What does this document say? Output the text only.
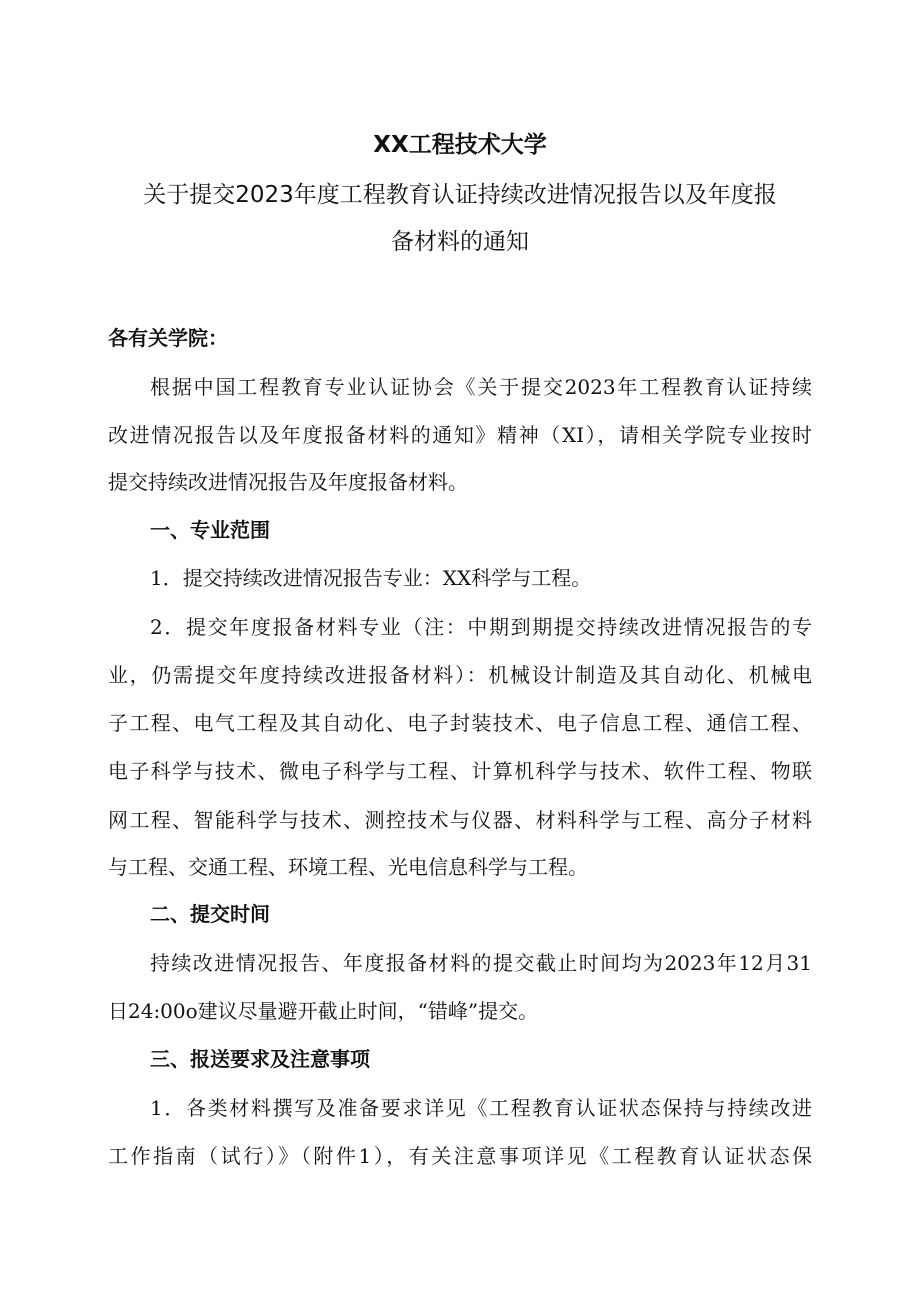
XX工程技术大学
关于提交2023年度工程教育认证持续改进情况报告以及年度报
备材料的通知
各有关学院：
根据中国工程教育专业认证协会《关于提交2023年工程教育认证持续
改进情况报告以及年度报备材料的通知》精神（XI），请相关学院专业按时
提交持续改进情况报告及年度报备材料。
一、专业范围
1．提交持续改进情况报告专业：XX科学与工程。
2．提交年度报备材料专业（注：中期到期提交持续改进情况报告的专
业，仍需提交年度持续改进报备材料）：机械设计制造及其自动化、机械电
子工程、电气工程及其自动化、电子封装技术、电子信息工程、通信工程、
电子科学与技术、微电子科学与工程、计算机科学与技术、软件工程、物联
网工程、智能科学与技术、测控技术与仪器、材料科学与工程、高分子材料
与工程、交通工程、环境工程、光电信息科学与工程。
二、提交时间
持续改进情况报告、年度报备材料的提交截止时间均为2023年12月31
日24:00o建议尽量避开截止时间，“错峰”提交。
三、报送要求及注意事项
1．各类材料撰写及准备要求详见《工程教育认证状态保持与持续改进
工作指南（试行）》（附件1），有关注意事项详见《工程教育认证状态保
